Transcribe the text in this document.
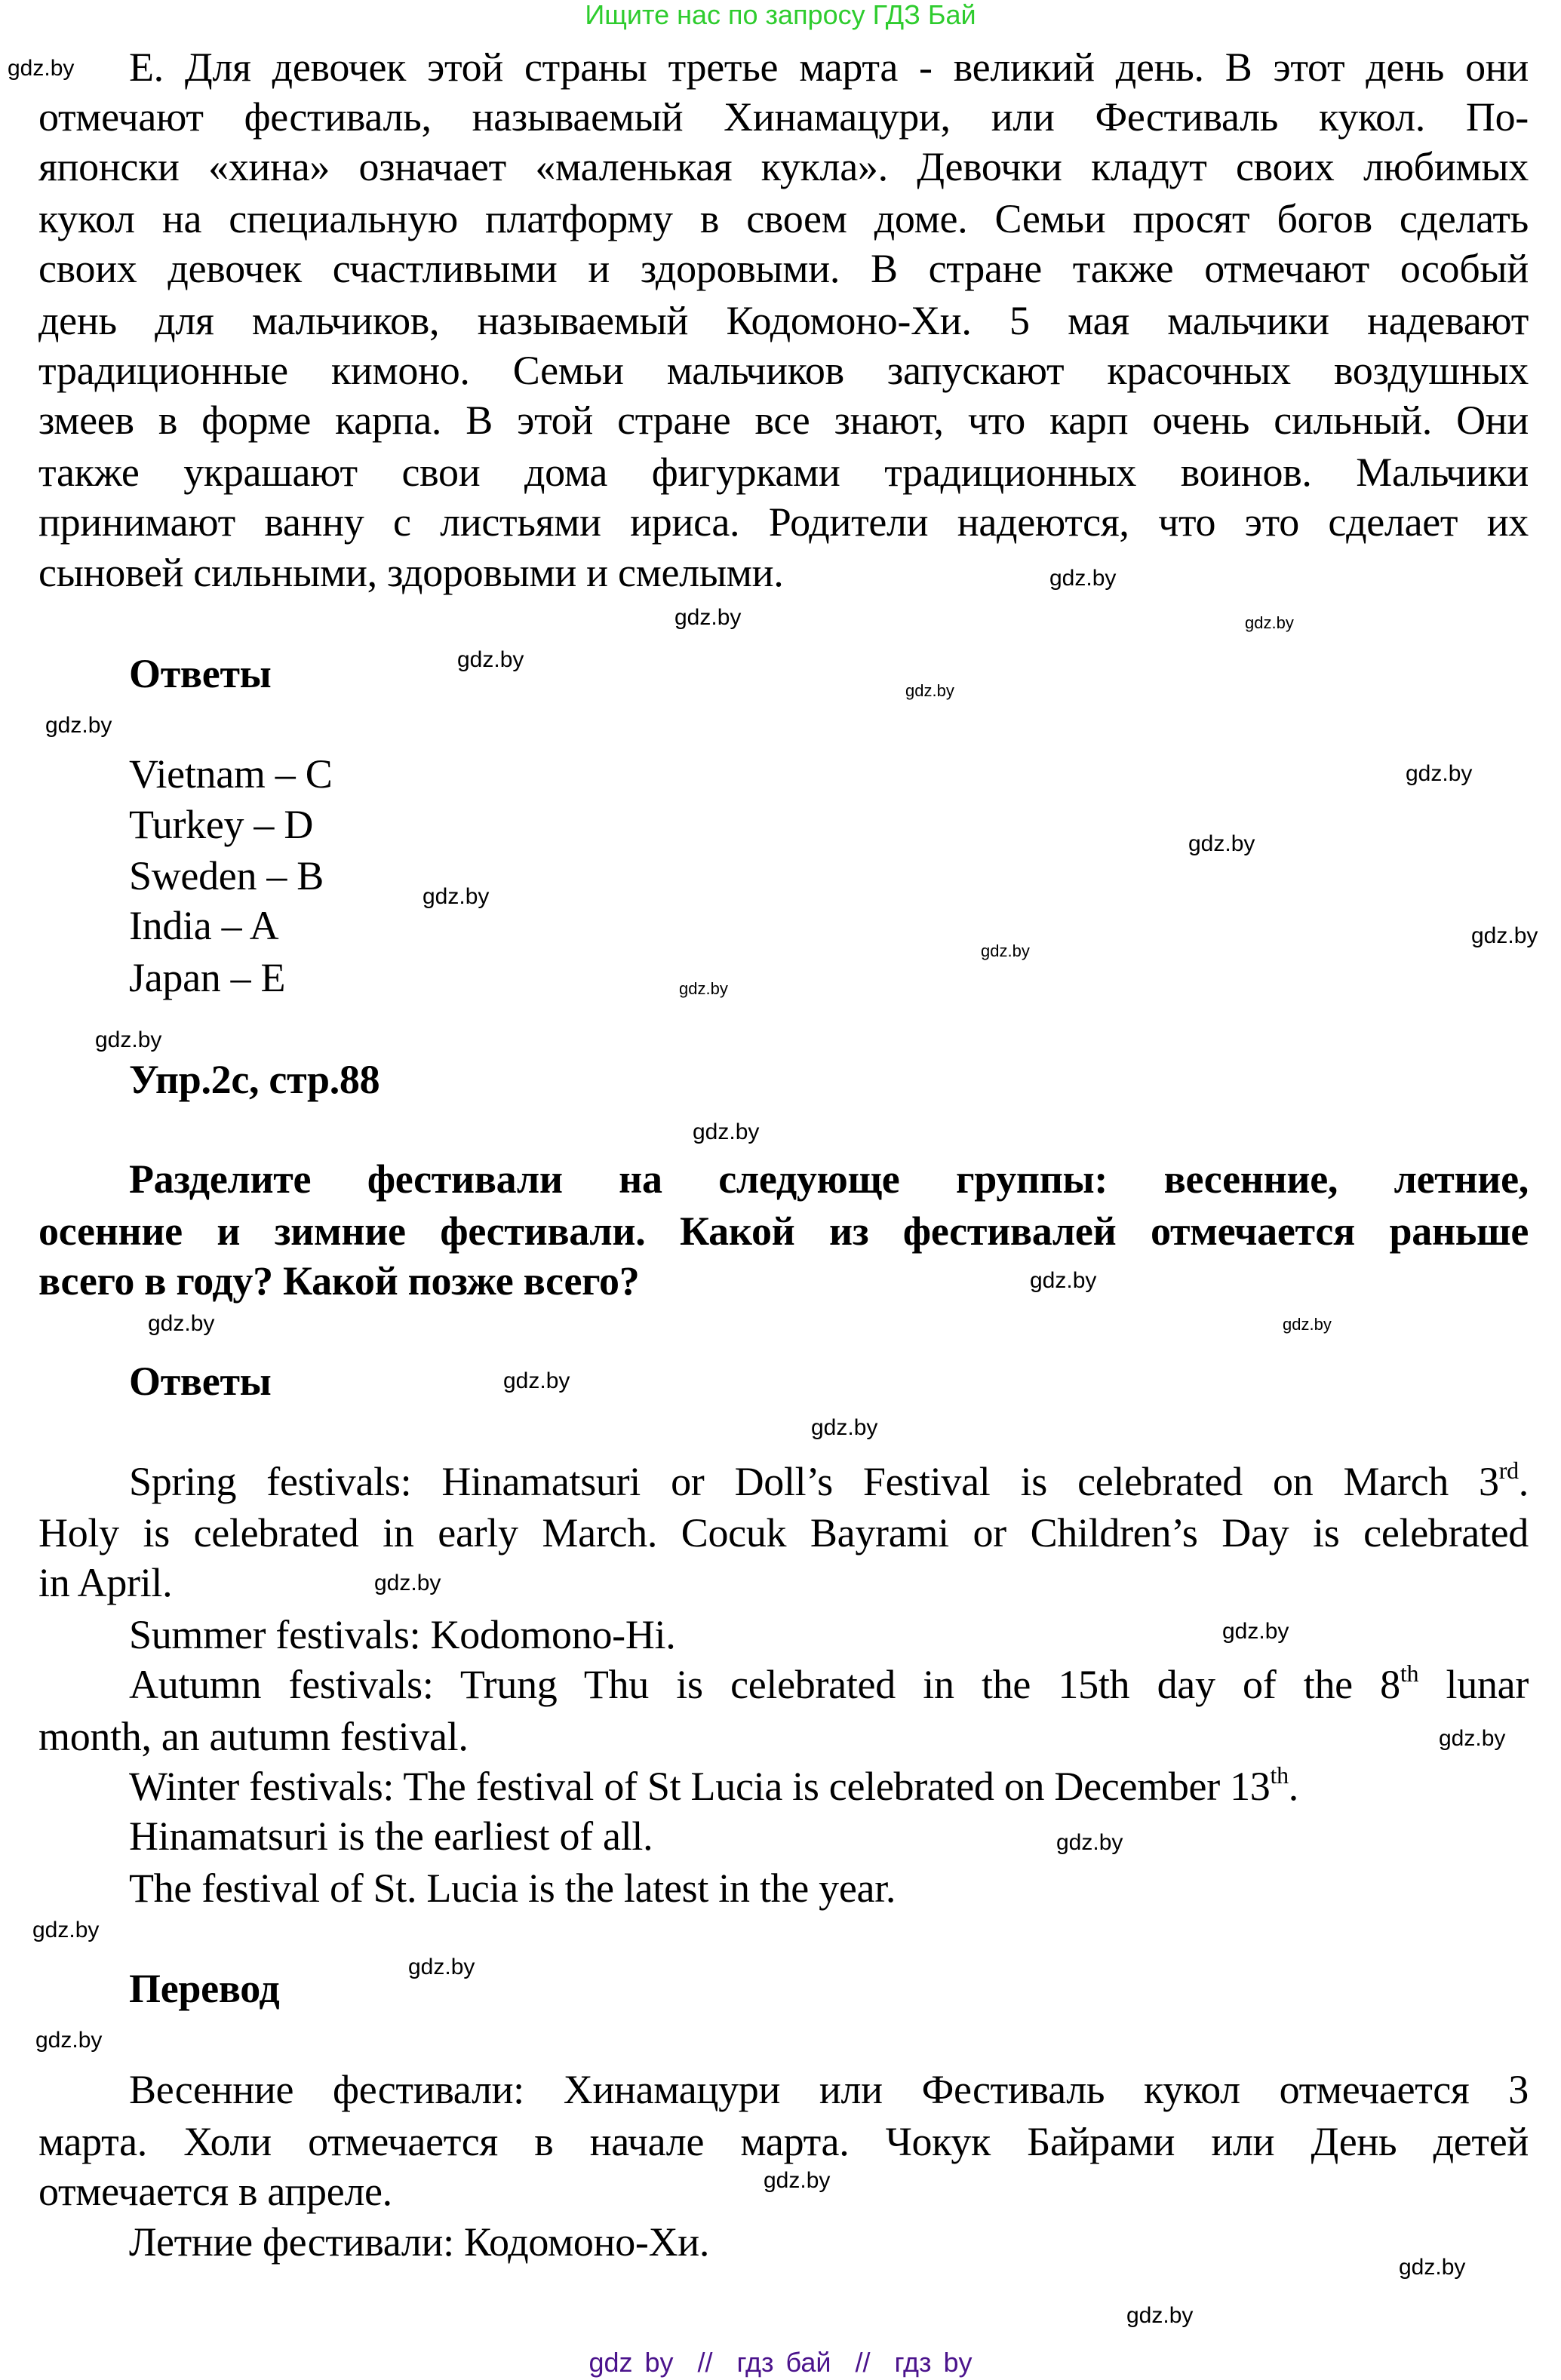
Ищите нас по запросу ГДЗ Бай
Е. Для девочек этой страны третье марта - великий день. В этот день они
отмечают фестиваль, называемый Хинамацури, или Фестиваль кукол. По-
японски «хина» означает «маленькая кукла». Девочки кладут своих любимых
кукол на специальную платформу в своем доме. Семьи просят богов сделать
своих девочек счастливыми и здоровыми. В стране также отмечают особый
день для мальчиков, называемый Кодомоно-Хи. 5 мая мальчики надевают
традиционные кимоно. Семьи мальчиков запускают красочных воздушных
змеев в форме карпа. В этой стране все знают, что карп очень сильный. Они
также украшают свои дома фигурками традиционных воинов. Мальчики
принимают ванну с листьями ириса. Родители надеются, что это сделает их
сыновей сильными, здоровыми и смелыми.
Ответы
Vietnam – C
Turkey – D
Sweden – B
India – A
Japan – E
Упр.2с, стр.88
Разделите фестивали на следующе группы: весенние, летние,
осенние и зимние фестивали. Какой из фестивалей отмечается раньше
всего в году? Какой позже всего?
Ответы
Spring festivals: Hinamatsuri or Doll’s Festival is celebrated on March 3rd.
Holy is celebrated in early March. Cocuk Bayrami or Children’s Day is celebrated
in April.
Summer festivals: Kodomono-Hi.
Autumn festivals: Trung Thu is celebrated in the 15th day of the 8th lunar
month, an autumn festival.
Winter festivals: The festival of St Lucia is celebrated on December 13th.
Hinamatsuri is the earliest of all.
The festival of St. Lucia is the latest in the year.
Перевод
Весенние фестивали: Хинамацури или Фестиваль кукол отмечается 3
марта. Холи отмечается в начале марта. Чокук Байрами или День детей
отмечается в апреле.
Летние фестивали: Кодомоно-Хи.
gdz.by
gdz.by
gdz.by
gdz.by
gdz.by
gdz.by
gdz.by
gdz.by
gdz.by
gdz.by
gdz.by
gdz.by
gdz.by
gdz.by
gdz.by
gdz.by
gdz.by
gdz.by
gdz.by
gdz.by
gdz.by
gdz.by
gdz.by
gdz.by
gdz.by
gdz.by
gdz.by
gdz.by
gdz.by
gdz.by
gdz by  //  гдз бай  //  гдз by
